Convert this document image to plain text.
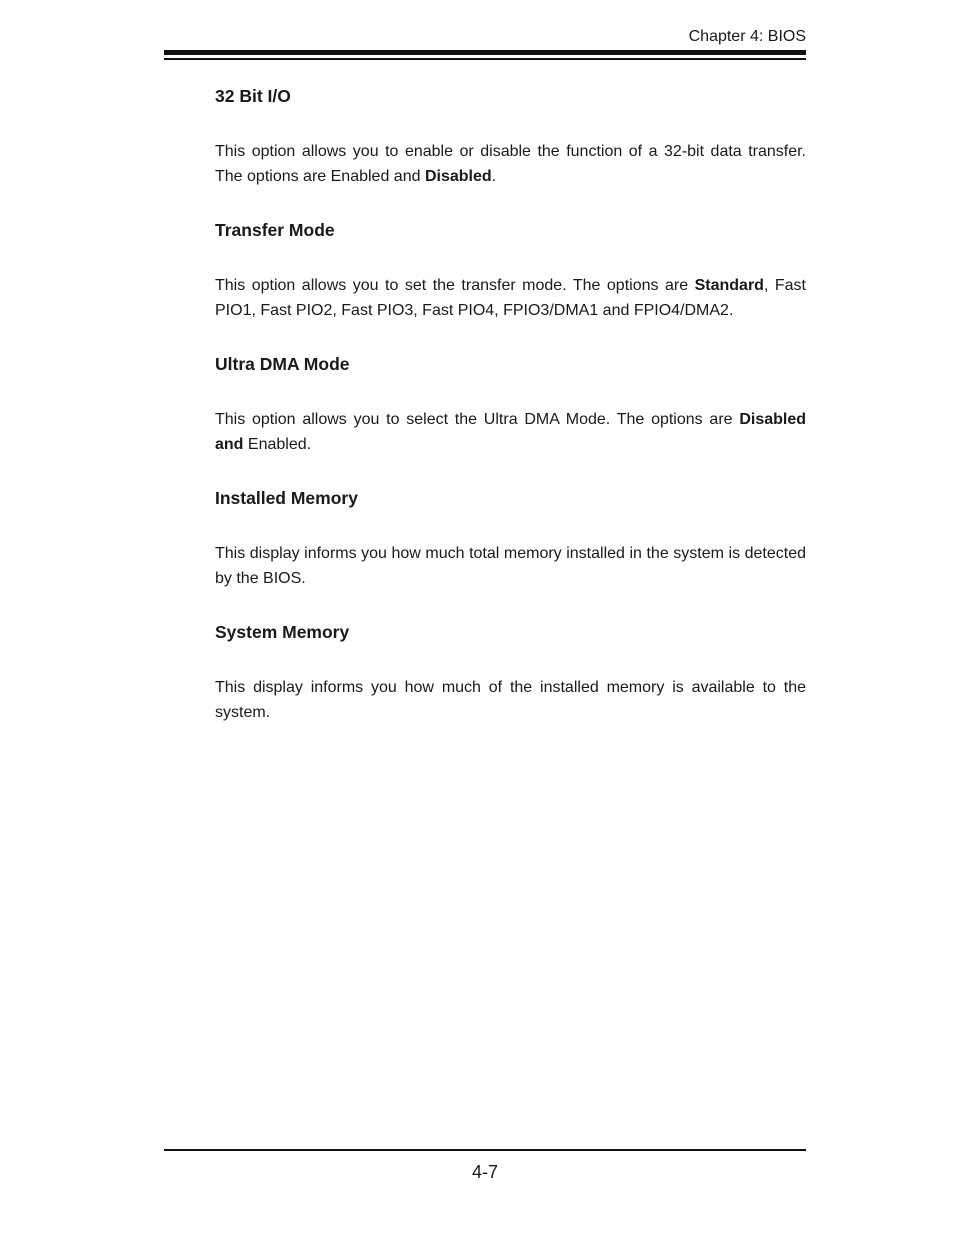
Chapter 4: BIOS
32 Bit I/O

This option allows you to enable or disable the function of a 32-bit data transfer. The options are Enabled and Disabled.

Transfer Mode

This option allows you to set the transfer mode. The options are Standard, Fast PIO1, Fast PIO2, Fast PIO3, Fast PIO4, FPIO3/DMA1 and FPIO4/DMA2.

Ultra DMA Mode

This option allows you to select the Ultra DMA Mode. The options are Disabled and Enabled.

Installed Memory

This display informs you how much total memory installed in the system is detected by the BIOS.

System Memory

This display informs you how much of the installed memory is available to the system.

4-7
